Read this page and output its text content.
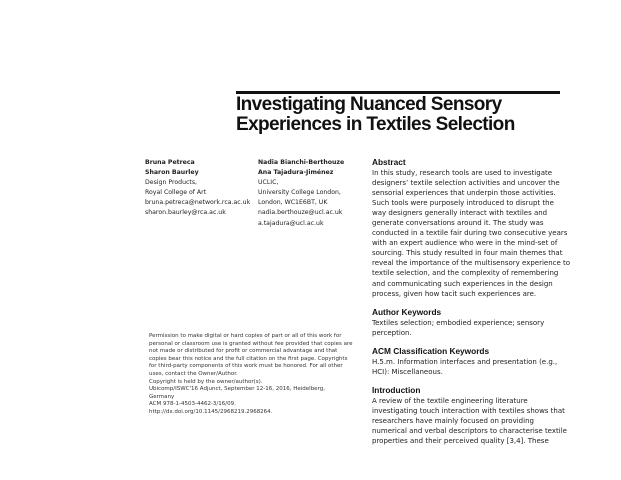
Investigating Nuanced Sensory
Experiences in Textiles Selection
Bruna Petreca
Sharon Baurley
Design Products,
Royal College of Art
bruna.petreca@network.rca.ac.uk
sharon.baurley@rca.ac.uk
Nadia Bianchi-Berthouze
Ana Tajadura-Jiménez
UCLIC,
University College London,
London, WC1E6BT, UK
nadia.berthouze@ucl.ac.uk
a.tajadura@ucl.ac.uk
Abstract
In this study, research tools are used to investigate
designers’ textile selection activities and uncover the
sensorial experiences that underpin those activities.
Such tools were purposely introduced to disrupt the
way designers generally interact with textiles and
generate conversations around it. The study was
conducted in a textile fair during two consecutive years
with an expert audience who were in the mind-set of
sourcing. This study resulted in four main themes that
reveal the importance of the multisensory experience to
textile selection, and the complexity of remembering
and communicating such experiences in the design
process, given how tacit such experiences are.
Author Keywords
Textiles selection; embodied experience; sensory
perception.
ACM Classification Keywords
H.5.m. Information interfaces and presentation (e.g.,
HCI): Miscellaneous.
Introduction
A review of the textile engineering literature
investigating touch interaction with textiles shows that
researchers have mainly focused on providing
numerical and verbal descriptors to characterise textile
properties and their perceived quality [3,4]. These
Permission to make digital or hard copies of part or all of this work for
personal or classroom use is granted without fee provided that copies are
not made or distributed for profit or commercial advantage and that
copies bear this notice and the full citation on the first page. Copyrights
for third-party components of this work must be honored. For all other
uses, contact the Owner/Author.
Copyright is held by the owner/author(s).
Ubicomp/ISWC'16 Adjunct, September 12-16, 2016, Heidelberg,
Germany
ACM 978-1-4503-4462-3/16/09.
http://dx.doi.org/10.1145/2968219.2968264.
